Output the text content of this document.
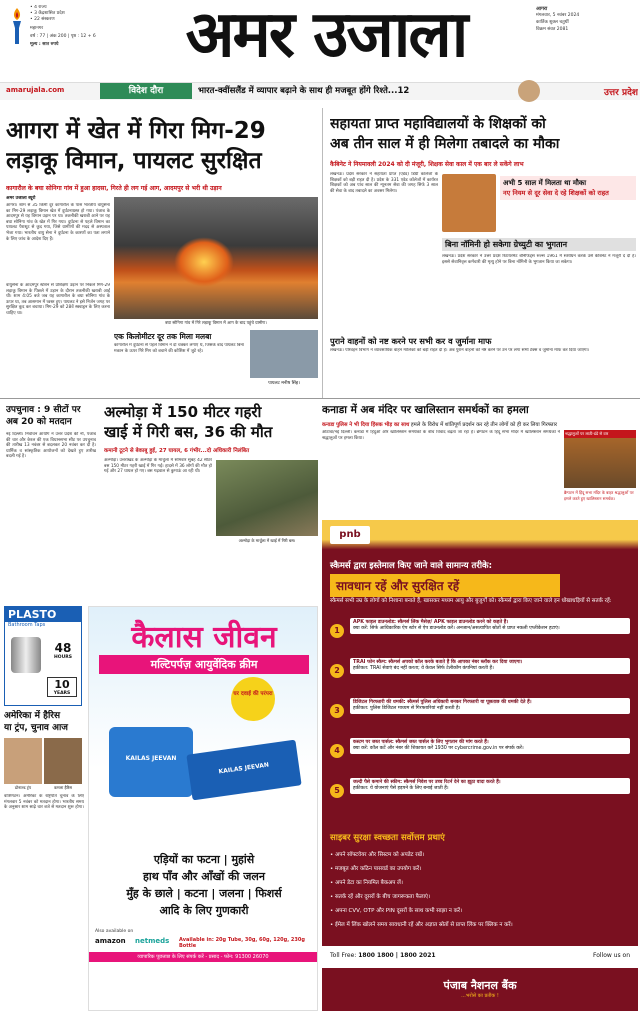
• 4 राज्य
• 3 केंद्रशासित प्रदेश
• 22 संस्करण
महानगर
वर्ष : 77 | अंक 200 | पृष्ठ : 12 + 6
मूल्य : सात रुपये	अमर उजाला	आगरा
मंगलवार, 5 नवंबर 2024
कार्तिक शुक्ल चतुर्थी
विक्रम संवत 2081
amarujala.com	विदेश दौरा	भारत-क्वींसलैंड में व्यापार बढ़ाने के साथ ही मजबूत होंगे रिश्ते...12	उत्तर प्रदेश
आगरा में खेत में गिरा मिग-29
लड़ाकू विमान, पायलट सुरक्षित
कागारौल के बघा सोनिगा गांव में हुआ हादसा, गिरते ही लग गई आग, आदमपुर से भरी थी उड़ान
अमर उजाला ब्यूरो
आगरा। शाम से 35 किमी दूर कागारौल के पास भारतीय वायुसेना का मिग-29 लड़ाकू विमान खेत में दुर्घटनाग्रस्त हो गया। पंजाब के आदमपुर से यह विमान उड़ान पर था। तकनीकी खराबी आने पर यह बघा सोनिगा गांव के खेत में गिर गया। दुर्घटना से पहले विमान का पायलट पैराशूट से कूद गया, जिसे ग्रामीणों की मदद से अस्पताल भेजा गया। भारतीय वायु सेना ने दुर्घटना के कारणों का पता लगाने के लिए जांच के आदेश दिए हैं।
वायुसेना के आदमपुर स्टेशन से प्रशिक्षण उड़ान पर निकले मिग-29 लड़ाकू विमान के पिछले में उड़ान के दौरान तकनीकी खराबी आई थी। शाम 4:05 बजे जब यह कागारौल के बघा सोनिगा गांव के ऊपर था, तब आसमान में घ्वस्त हुए। पायलट ने इसे निर्जन जगह पर सुरक्षित कूद कर बचाया। मिग-29 को 28वें स्क्वाड्रन के लिए करना चाहिए था।
बघा सोनिगा गांव में गिरे लड़ाकू विमान में आग के बाद पहुंचे ग्रामीण।
एक किलोमीटर दूर तक मिला मलबा
कागारौल में दुर्घटना से पहले विमान ने दो चक्कर लगाए थे, जिसके बाद पायलट बिना मकान के ऊपर गिरे मिग को बचाने की कोशिश में जुटे रहे।
पायलट मनीष सिंह।
सहायता प्राप्त महाविद्यालयों के शिक्षकों को
अब तीन साल में ही मिलेगा तबादले का मौका
कैबिनेट ने नियमावली 2024 को दी मंजूरी, शिक्षक सेवा काल में एक बार ले सकेंगे लाभ
लखनऊ। प्रदेश सरकार ने सहायता प्राप्त (एडेड) डिग्री कॉलेजों के शिक्षकों को बड़ी राहत दी है। प्रदेश के 331 एडेड कॉलेजों में कार्यरत शिक्षकों को अब पांच साल की न्यूनतम सेवा की जगह सिर्फ 3 साल की सेवा के बाद तबादले का अवसर मिलेगा।
अभी 5 साल में मिलता था मौका
नए नियम से दूर सेवा दे रहे शिक्षकों को राहत
बिना नॉमिनी हो सकेगा ग्रेच्युटी का भुगतान
लखनऊ। प्रदेश सरकार ने उत्तर प्रदेश रिटायरमेंट बेनिफिट्स रूल्स 1961 में संशोधन करके उसे कैबिनेट ने मंजूरी दे दी है। इससे सेवानिवृत्त कर्मचारी की मृत्यु होने पर बिना नॉमिनी के भुगतान किया जा सकेगा।
पुराने वाहनों को नष्ट करने पर सभी कर व जुर्माना माफ
लखनऊ। परिवहन विभाग ने व्यावसायिक वाहन मालिकों को बड़ी राहत दी है। अब पुराने वाहनों को नष्ट करने पर उन पर लगा सभी टैक्स व जुर्माना माफ कर दिया जाएगा।
उपचुनाव : 9 सीटों पर
अब 20 को मतदान
नई दिल्ली। निर्वाचन आयोग ने उत्तर प्रदेश की नौ, पंजाब की चार और केरल की एक विधानसभा सीट पर उपचुनाव की तारीख 13 नवंबर से बदलकर 20 नवंबर कर दी है। धार्मिक व सांस्कृतिक आयोजनों को देखते हुए तारीख बदली गई है।
अल्मोड़ा में 150 मीटर गहरी
खाई में गिरी बस, 36 की मौत
कमानी टूटने से बेकाबू हुई, 27 घायल, 6 गंभीर...दो अधिकारी निलंबित
अल्मोड़ा। उत्तराखंड के अल्मोड़ा के मार्चुला में सोमवार सुबह 42 सीटर बस 150 मीटर गहरी खाई में गिर गई। हादसे में 36 लोगों की मौत हो गई और 27 घायल हो गए। बस गढ़वाल से कुमाऊं आ रही थी।
अल्मोड़ा के मार्चुला में खाई में गिरी बस।
कनाडा में अब मंदिर पर खालिस्तान समर्थकों का हमला
कनाडा पुलिस ने भी दिया हिंसक भीड़ का साथ हमले के विरोध में शांतिपूर्ण प्रदर्शन कर रहे तीन लोगों को ही कर लिया गिरफ्तार
ओटावा/नई दिल्ली। कनाडा में हिंदुओं और खालिस्तान समर्थकों के बीच विवाद बढ़ता जा रहा है। ब्रैम्पटन के हिंदू सभा मंदिर में खालिस्तान समर्थकों ने श्रद्धालुओं पर हमला किया।
श्रद्धालुओं पर लाठी-डंडे से वार
ब्रैम्पटन में हिंदू सभा मंदिर के बाहर श्रद्धालुओं पर हमले करते हुए खालिस्तान समर्थक।
PLASTO
Bathroom Taps
48
HOURS
10
YEARS
अमेरिका में हैरिस
या ट्रंप, चुनाव आज
डोनाल्ड ट्रंप	कमला हैरिस
वाशिंगटन। अमेरिका के राष्ट्रपति चुनाव के लिए मंगलवार 5 नवंबर को मतदान होगा। भारतीय समय के अनुसार शाम साढ़े चार बजे से मतदान शुरू होगा।
कैलास जीवन
मल्टिपर्पज़ आयुर्वेदिक क्रीम
घर दवाई की परंपरा
KAILAS JEEVAN
KAILAS JEEVAN
एड़ियों का फटना | मुहांसे
हाथ पाँव और आँखों की जलन
मुँह के छाले | कटना | जलना | फिशर्स
आदि के लिए गुणकारी
Also available on
amazon	netmeds	Available in: 20g Tube, 30g, 60g, 120g, 230g Bottle
व्यापारिक पूछताछ के लिए संपर्क करें - प्रसाद - फोन: 91300 26070
pnb
स्कैमर्स द्वारा इस्तेमाल किए जाने वाले सामान्य तरीके:
सावधान रहें और सुरक्षित रहें
स्कैमर्स सभी उम्र के लोगों को निशाना बनाते हैं, खासकर मध्यम आयु और बुजुर्गों को। स्कैमर्स द्वारा किए जाने वाले इन धोखाधड़ियों से सतर्क रहें:
1
APK फाइल डाउनलोड: स्कैमर्स लिंक मैसेज़/ APK फाइल डाउनलोड करने को कहते हैं।
क्या करें: सिर्फ आधिकारिक ऐप स्टोर से ऐप डाउनलोड करें। अनजान/असत्यापित स्रोतों से प्राप्त नकली एप्लीकेशन हटाएं।
2
TRAI फोन स्कैम: स्कैमर्स अपको कॉल करके बताते हैं कि आपका नंबर ब्लॉक कर दिया जाएगा।
हकीकत: TRAI सेवाएं बंद नहीं करता; वे केवल सिर्फ टेलीकॉम कंपनियां करती हैं।
3
डिजिटल गिरफ्तारी की धमकी: स्कैमर्स पुलिस अधिकारी बनकर गिरफ्तारी या पूछताछ की धमकी देते हैं।
हकीकत: पुलिस डिजिटल माध्यम से गिरफ्तारियां नहीं करती है।
4
कस्टम पर जब्त पार्सल: स्कैमर्स जब्त पार्सल के लिए भुगतान की मांग करते हैं।
क्या करें: कॉल कटें और नंबर की शिकायत करें 1930 पर cybercrime.gov.in पर संपर्क करें।
5
जल्दी पैसे कमाने की स्कीम: स्कैमर्स निवेश पर उच्च रिटर्न देने का झूठा वादा करते हैं।
हकीकत: ये योजनाएं पैसे हड़पने के लिए बनाई जाती हैं।
साइबर सुरक्षा स्वच्छता सर्वोत्तम प्रथाएं
• अपने सॉफ्टवेयर और सिस्टम को अपडेट रखें।
• मजबूत और कठिन पासवर्ड का उपयोग करें।
• अपने डेटा का नियमित बैकअप लें।
• सतर्क रहें और दूसरों के बीच जागरूकता फैलाएं।
• अपना CVV, OTP और PIN दूसरों के साथ कभी साझा न करें।
• ईमेल में लिंक खोलने समय सावधानी रहें और अज्ञात स्रोतों से प्राप्त लिंक पर क्लिक न करें।
Toll Free: 1800 1800 | 1800 2021	Follow us on
पंजाब नैशनल बैंक
...भरोसे का प्रतीक !
